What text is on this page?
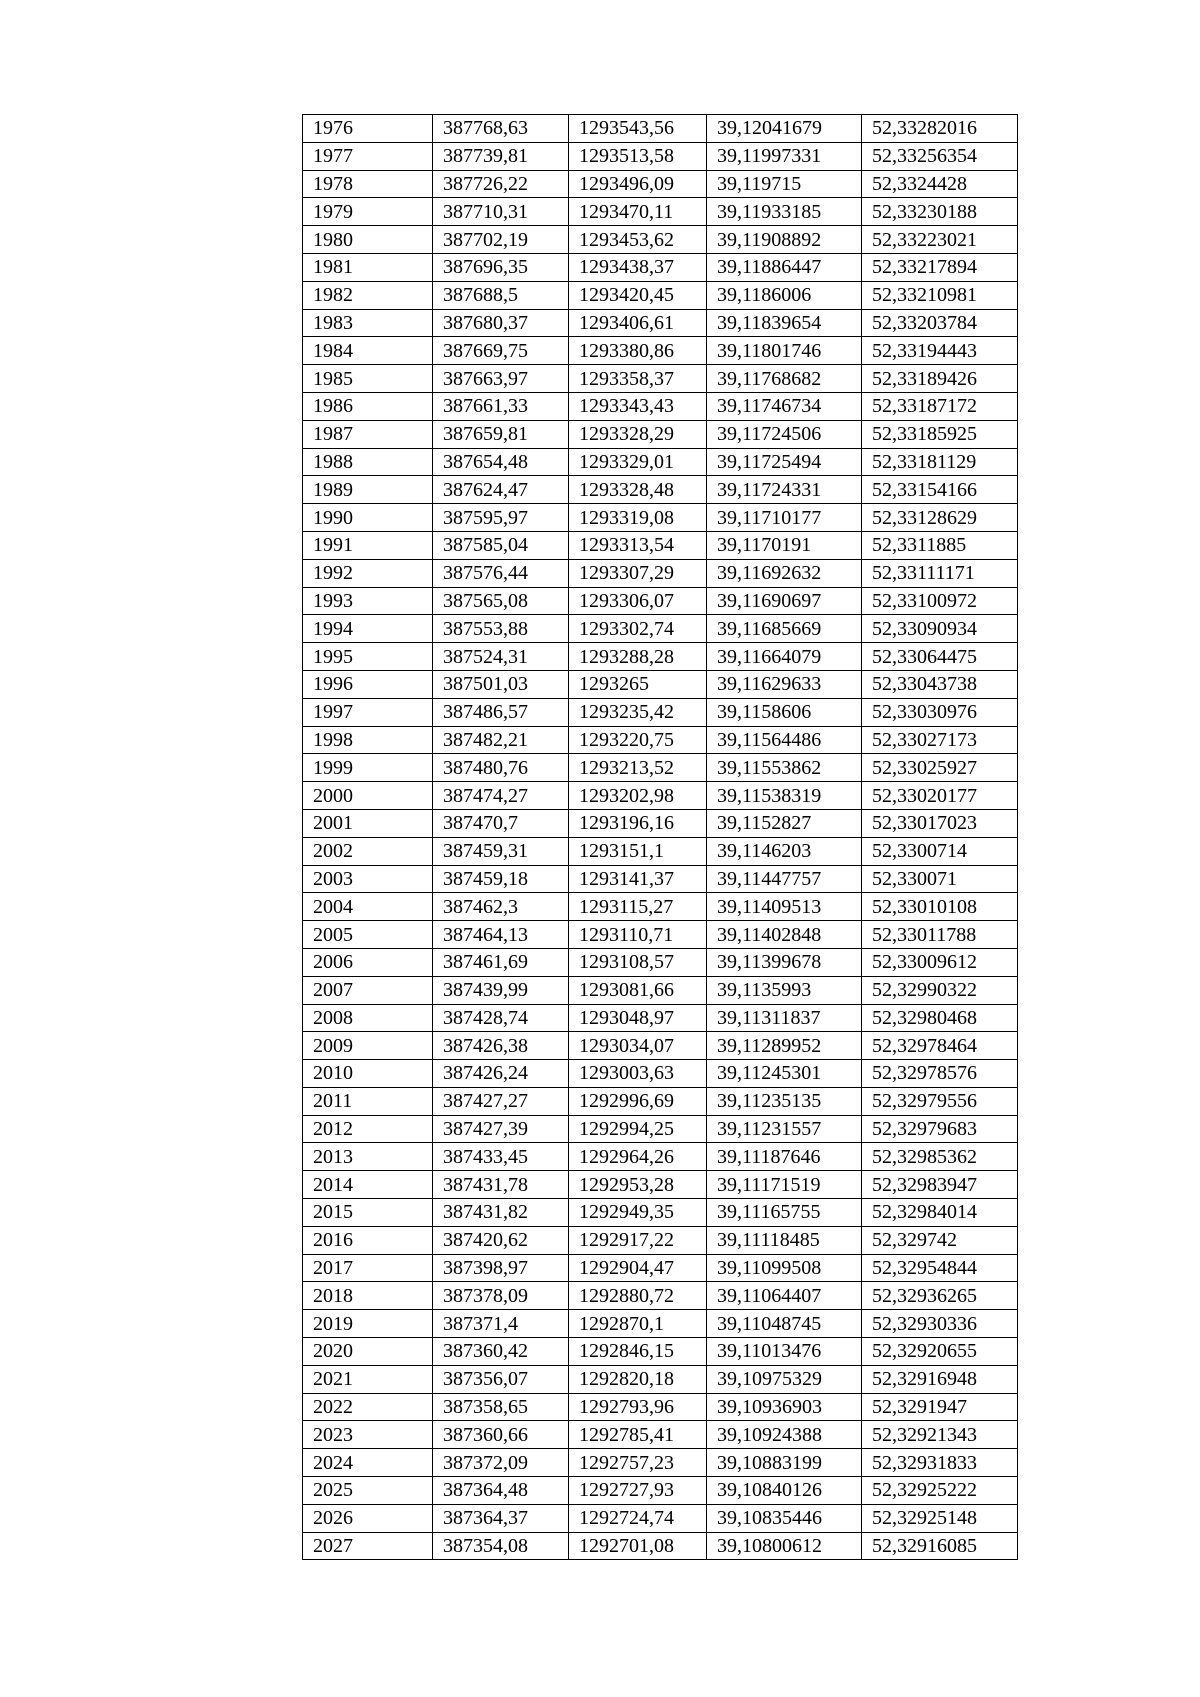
1976	387768,63	1293543,56	39,12041679	52,33282016
1977	387739,81	1293513,58	39,11997331	52,33256354
1978	387726,22	1293496,09	39,119715	52,3324428
1979	387710,31	1293470,11	39,11933185	52,33230188
1980	387702,19	1293453,62	39,11908892	52,33223021
1981	387696,35	1293438,37	39,11886447	52,33217894
1982	387688,5	1293420,45	39,1186006	52,33210981
1983	387680,37	1293406,61	39,11839654	52,33203784
1984	387669,75	1293380,86	39,11801746	52,33194443
1985	387663,97	1293358,37	39,11768682	52,33189426
1986	387661,33	1293343,43	39,11746734	52,33187172
1987	387659,81	1293328,29	39,11724506	52,33185925
1988	387654,48	1293329,01	39,11725494	52,33181129
1989	387624,47	1293328,48	39,11724331	52,33154166
1990	387595,97	1293319,08	39,11710177	52,33128629
1991	387585,04	1293313,54	39,1170191	52,3311885
1992	387576,44	1293307,29	39,11692632	52,33111171
1993	387565,08	1293306,07	39,11690697	52,33100972
1994	387553,88	1293302,74	39,11685669	52,33090934
1995	387524,31	1293288,28	39,11664079	52,33064475
1996	387501,03	1293265	39,11629633	52,33043738
1997	387486,57	1293235,42	39,1158606	52,33030976
1998	387482,21	1293220,75	39,11564486	52,33027173
1999	387480,76	1293213,52	39,11553862	52,33025927
2000	387474,27	1293202,98	39,11538319	52,33020177
2001	387470,7	1293196,16	39,1152827	52,33017023
2002	387459,31	1293151,1	39,1146203	52,3300714
2003	387459,18	1293141,37	39,11447757	52,330071
2004	387462,3	1293115,27	39,11409513	52,33010108
2005	387464,13	1293110,71	39,11402848	52,33011788
2006	387461,69	1293108,57	39,11399678	52,33009612
2007	387439,99	1293081,66	39,1135993	52,32990322
2008	387428,74	1293048,97	39,11311837	52,32980468
2009	387426,38	1293034,07	39,11289952	52,32978464
2010	387426,24	1293003,63	39,11245301	52,32978576
2011	387427,27	1292996,69	39,11235135	52,32979556
2012	387427,39	1292994,25	39,11231557	52,32979683
2013	387433,45	1292964,26	39,11187646	52,32985362
2014	387431,78	1292953,28	39,11171519	52,32983947
2015	387431,82	1292949,35	39,11165755	52,32984014
2016	387420,62	1292917,22	39,11118485	52,329742
2017	387398,97	1292904,47	39,11099508	52,32954844
2018	387378,09	1292880,72	39,11064407	52,32936265
2019	387371,4	1292870,1	39,11048745	52,32930336
2020	387360,42	1292846,15	39,11013476	52,32920655
2021	387356,07	1292820,18	39,10975329	52,32916948
2022	387358,65	1292793,96	39,10936903	52,3291947
2023	387360,66	1292785,41	39,10924388	52,32921343
2024	387372,09	1292757,23	39,10883199	52,32931833
2025	387364,48	1292727,93	39,10840126	52,32925222
2026	387364,37	1292724,74	39,10835446	52,32925148
2027	387354,08	1292701,08	39,10800612	52,32916085
